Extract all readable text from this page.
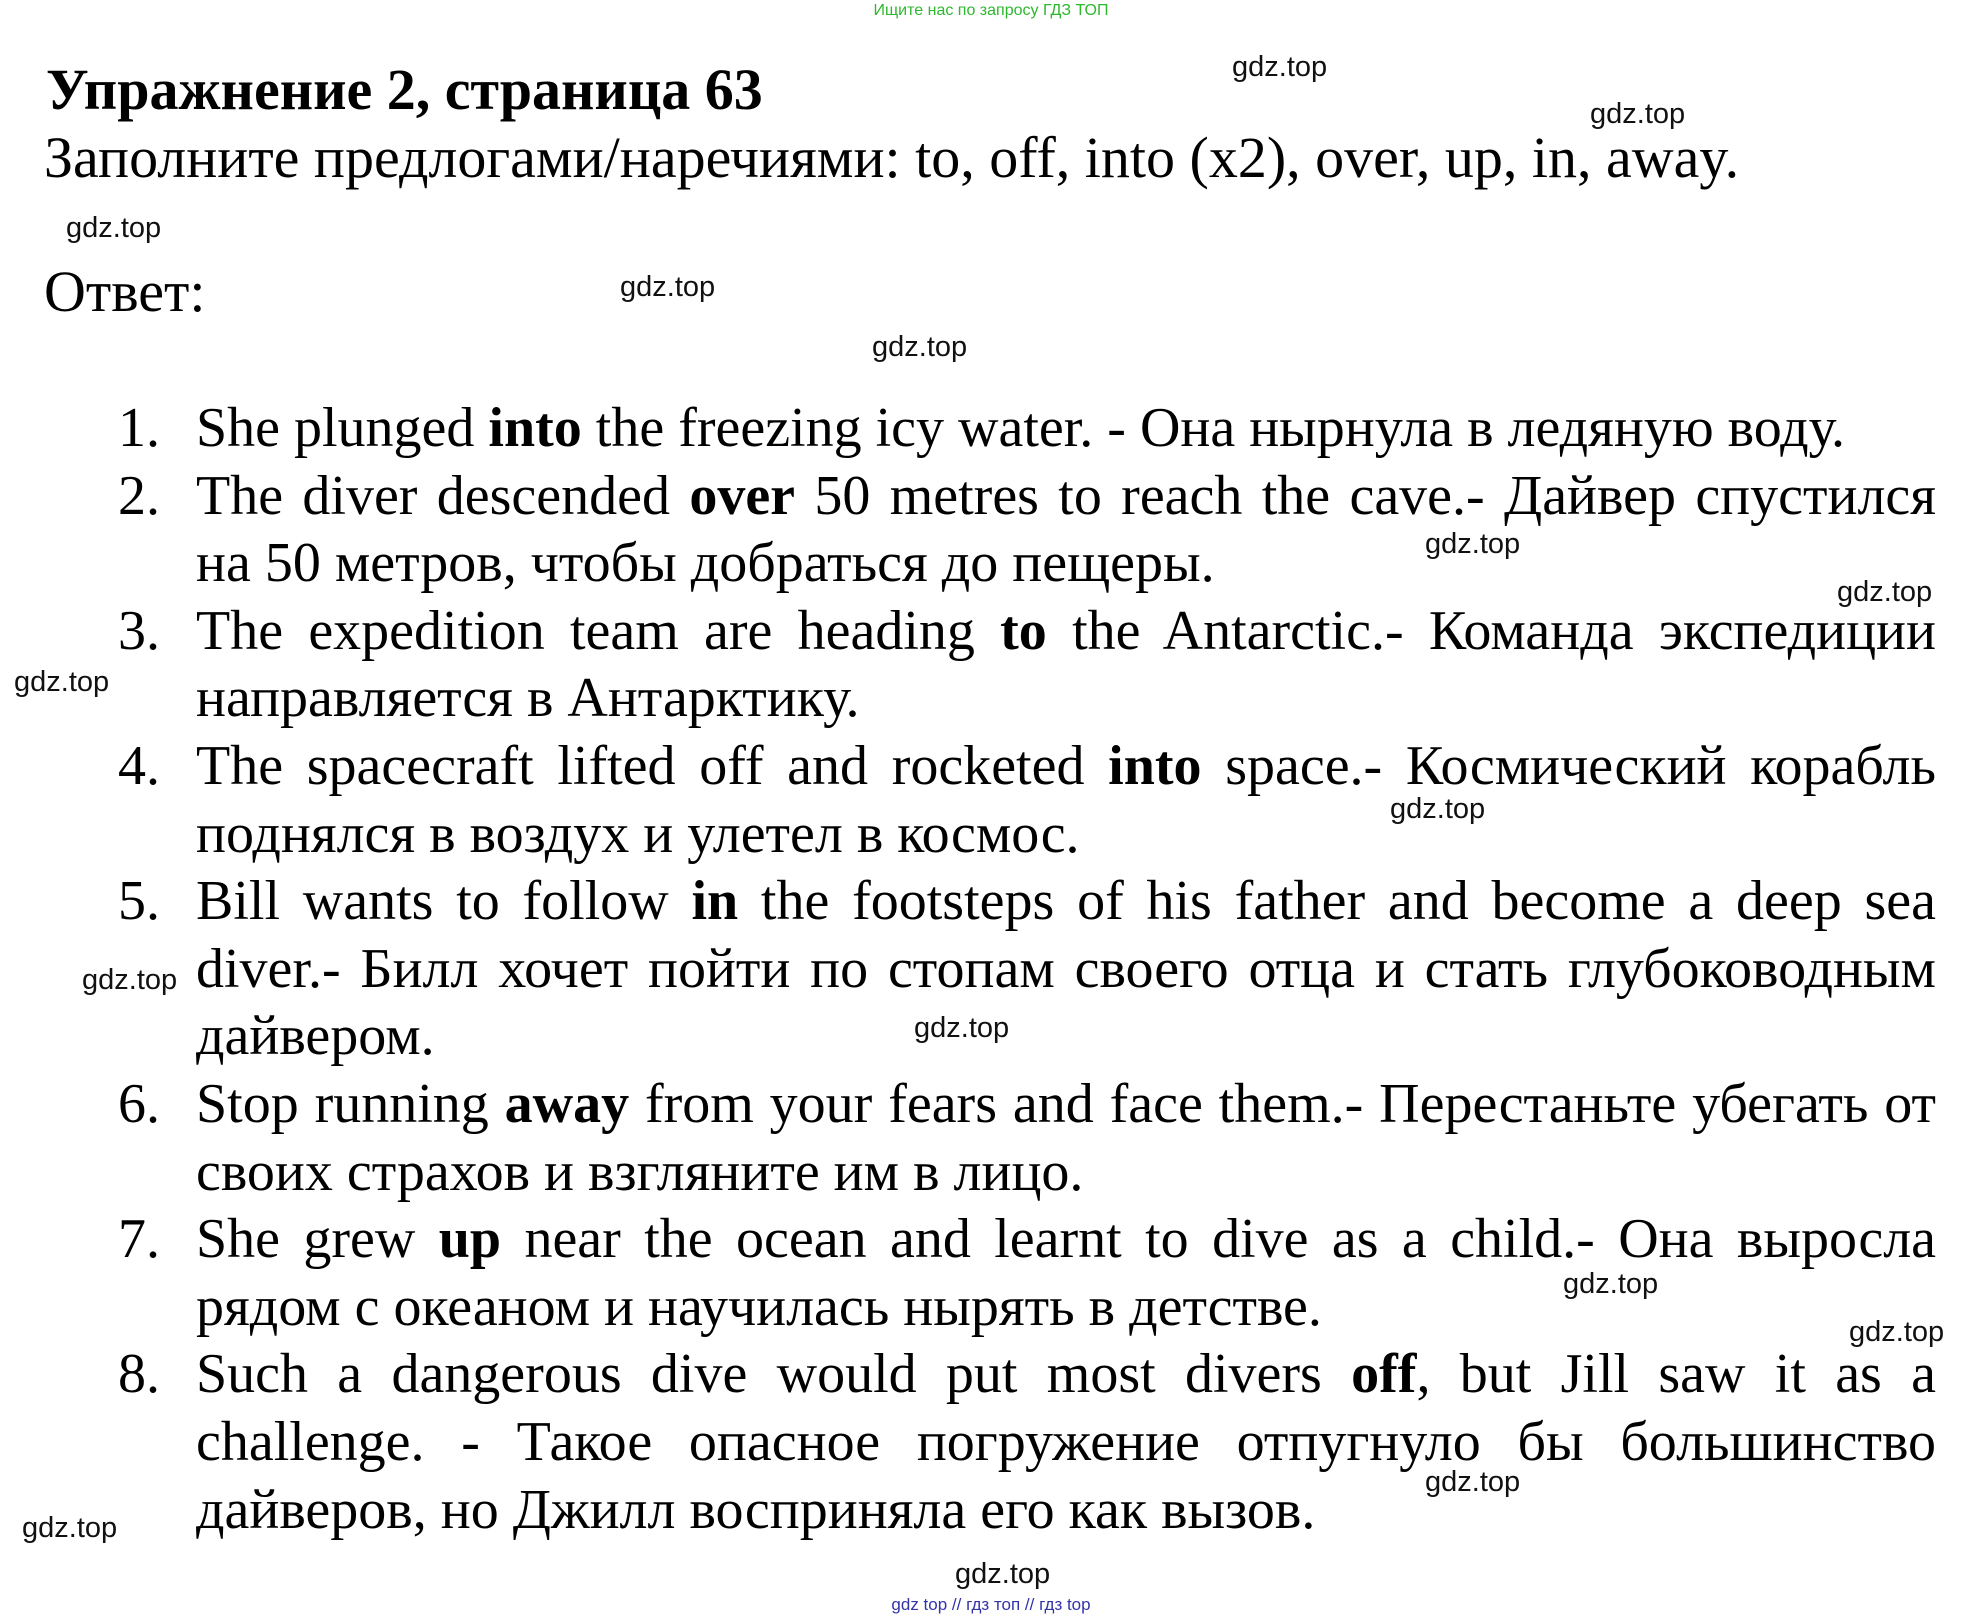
Ищите нас по запросу ГДЗ ТОП
Упражнение 2, страница 63
Заполните предлогами/наречиями: to, off, into (x2), over, up, in, away.
Ответ:
1. She plunged into the freezing icy water. - Она нырнула в ледяную воду.
2. The diver descended over 50 metres to reach the cave.- Дайвер спустился на 50 метров, чтобы добраться до пещеры.
3. The expedition team are heading to the Antarctic.- Команда экспедиции направляется в Антарктику.
4. The spacecraft lifted off and rocketed into space.- Космический корабль поднялся в воздух и улетел в космос.
5. Bill wants to follow in the footsteps of his father and become a deep sea diver.- Билл хочет пойти по стопам своего отца и стать глубоководным дайвером.
6. Stop running away from your fears and face them.- Перестаньте убегать от своих страхов и взгляните им в лицо.
7. She grew up near the ocean and learnt to dive as a child.- Она выросла рядом с океаном и научилась нырять в детстве.
8. Such a dangerous dive would put most divers off, but Jill saw it as a challenge. - Такое опасное погружение отпугнуло бы большинство дайверов, но Джилл восприняла его как вызов.
gdz.top
gdz.top
gdz.top
gdz.top
gdz.top
gdz.top
gdz.top
gdz.top
gdz.top
gdz.top
gdz.top
gdz.top
gdz.top
gdz.top
gdz.top
gdz.top
gdz top // гдз топ // гдз top
